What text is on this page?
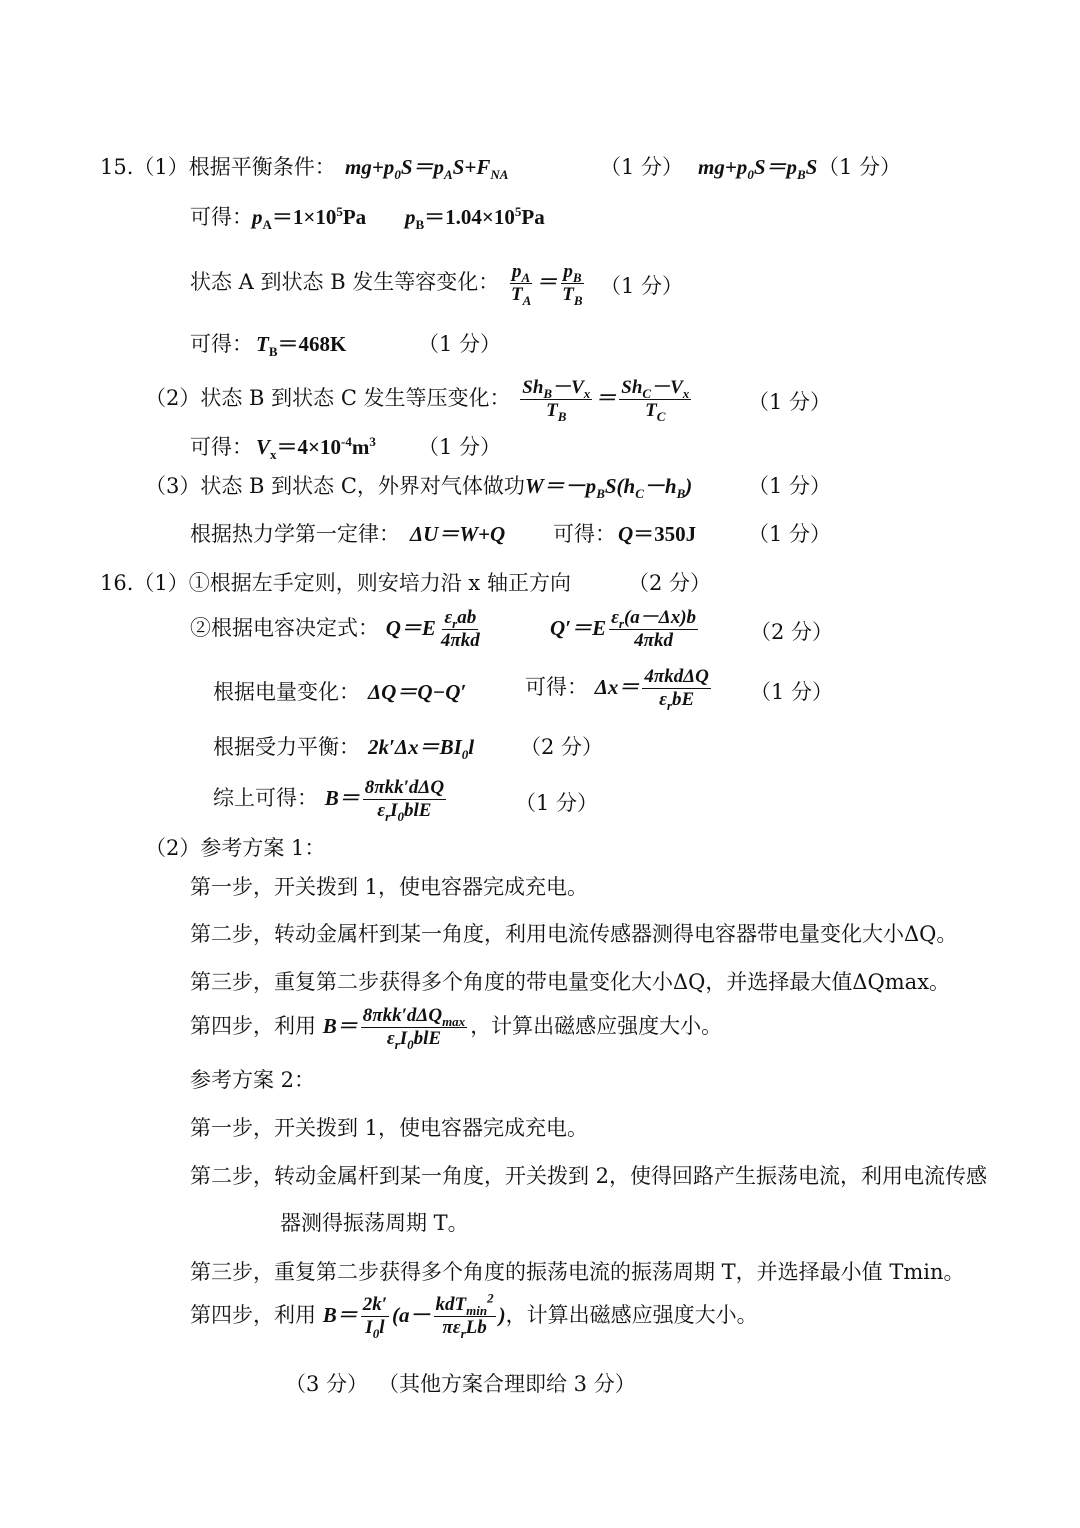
15.（1）根据平衡条件： $mg+p_0S=p_AS+F_{NA}$	（1 分） $mg+p_0S=p_BS$ （1 分）
可得： $p_A=1\times 10^5Pa$ $p_B=1.04\times 10^5Pa$
状态 A 到状态 B 发生等容变化： $\frac{p_A}{T_A} = \frac{p_B}{T_B} (1$ 分）
可得： $T_B=468K$	（1 分）
（2）状态 B 到状态 C 发生等压变化： $\frac{Sh_B-V_x}{T_B} = \frac{Sh_C-V_x}{T_C}$	（1 分）
可得： $V_x=4\times 10^{-4}m^3$ （1 分）
（3）状态 B 到状态 C，外界对气体做功 $W=-p_BS(h_C-h_B)$	（1 分）
根据热力学第一定律： ΔU＝W+Q 可得： Q＝350J （1 分）
16.（1）①根据左手定则，则安培力沿 x 轴正方向	（2 分）
②根据电容决定式： $Q=E \frac{\varepsilon_rab}{\text{4πkd}}$	$Q'=E \frac{\varepsilon_r(a-\Delta x)b}{\text{4πkd}} (2$ 分）
根据电量变化： ΔQ＝Q−Q′	可得： $\Delta x= \frac{\text{4πkdΔQ}}{\varepsilon_rbE} (1$ 分）
根据受力平衡： $2k'\Delta x=BI_0l$ （2 分）
综上可得： $B= \frac{\text{8πkk′dΔQ}}{\varepsilon_rI_0blE}$	（1 分）
（2）参考方案 1：
第一步，开关拨到 1，使电容器完成充电。
第二步，转动金属杆到某一角度，利用电流传感器测得电容器带电量变化大小ΔQ。
第三步，重复第二步获得多个角度的带电量变化大小ΔQ，并选择最大值ΔQmax。
第四步，利用 $B= \frac{8\pi kk'd\Delta Q_{max}}{\varepsilon_rI_0blE}$ ，计算出磁感应强度大小。
参考方案 2：
第一步，开关拨到 1，使电容器完成充电。
第二步，转动金属杆到某一角度，开关拨到 2，使得回路产生振荡电流，利用电流传感
器测得振荡周期 T。
第三步，重复第二步获得多个角度的振荡电流的振荡周期 T，并选择最小值 Tmin。
第四步，利用 $B= \frac{2k'}{I_0l} (a- \frac{kdT_{min}^2}{\pi\varepsilon_rLb}$ )，计算出磁感应强度大小。
（3 分） （其他方案合理即给 3 分）
